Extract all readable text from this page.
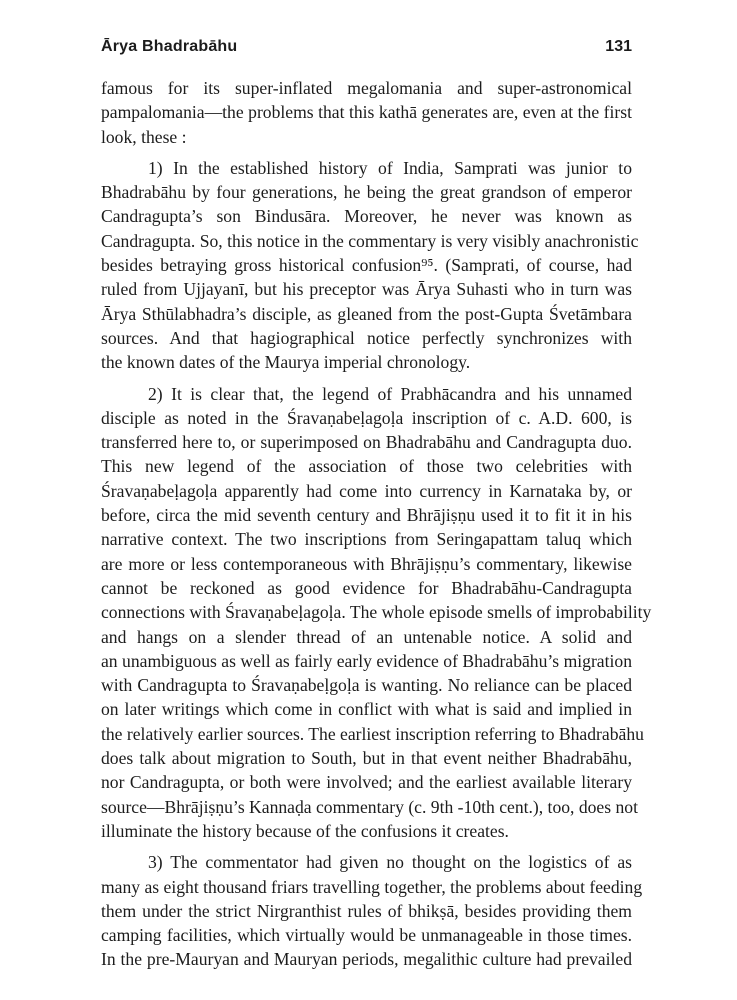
Ārya Bhadrabāhu	131
famous for its super-inflated megalomania and super-astronomical
pampalomania—the problems that this kathā generates are, even at the first
look, these :
1) In the established history of India, Samprati was junior to
Bhadrabāhu by four generations, he being the great grandson of emperor
Candragupta’s son Bindusāra. Moreover, he never was known as
Candragupta. So, this notice in the commentary is very visibly anachronistic
besides betraying gross historical confusion⁹⁵. (Samprati, of course, had
ruled from Ujjayanī, but his preceptor was Ārya Suhasti who in turn was
Ārya Sthūlabhadra’s disciple, as gleaned from the post-Gupta Śvetāmbara
sources. And that hagiographical notice perfectly synchronizes with
the known dates of the Maurya imperial chronology.
2) It is clear that, the legend of Prabhācandra and his unnamed
disciple as noted in the Śravaṇabeḷagoḷa inscription of c. A.D. 600, is
transferred here to, or superimposed on Bhadrabāhu and Candragupta duo.
This new legend of the association of those two celebrities with
Śravaṇabeḷagoḷa apparently had come into currency in Karnataka by, or
before, circa the mid seventh century and Bhrājiṣṇu used it to fit it in his
narrative context. The two inscriptions from Seringapattam taluq which
are more or less contemporaneous with Bhrājiṣṇu’s commentary, likewise
cannot be reckoned as good evidence for Bhadrabāhu-Candragupta
connections with Śravaṇabeḷagoḷa. The whole episode smells of improbability
and hangs on a slender thread of an untenable notice. A solid and
an unambiguous as well as fairly early evidence of Bhadrabāhu’s migration
with Candragupta to Śravaṇabeḷgoḷa is wanting. No reliance can be placed
on later writings which come in conflict with what is said and implied in
the relatively earlier sources. The earliest inscription referring to Bhadrabāhu
does talk about migration to South, but in that event neither Bhadrabāhu,
nor Candragupta, or both were involved; and the earliest available literary
source—Bhrājiṣṇu’s Kannaḍa commentary (c. 9th -10th cent.), too, does not
illuminate the history because of the confusions it creates.
3) The commentator had given no thought on the logistics of as
many as eight thousand friars travelling together, the problems about feeding
them under the strict Nirgranthist rules of bhikṣā, besides providing them
camping facilities, which virtually would be unmanageable in those times.
In the pre-Mauryan and Mauryan periods, megalithic culture had prevailed
